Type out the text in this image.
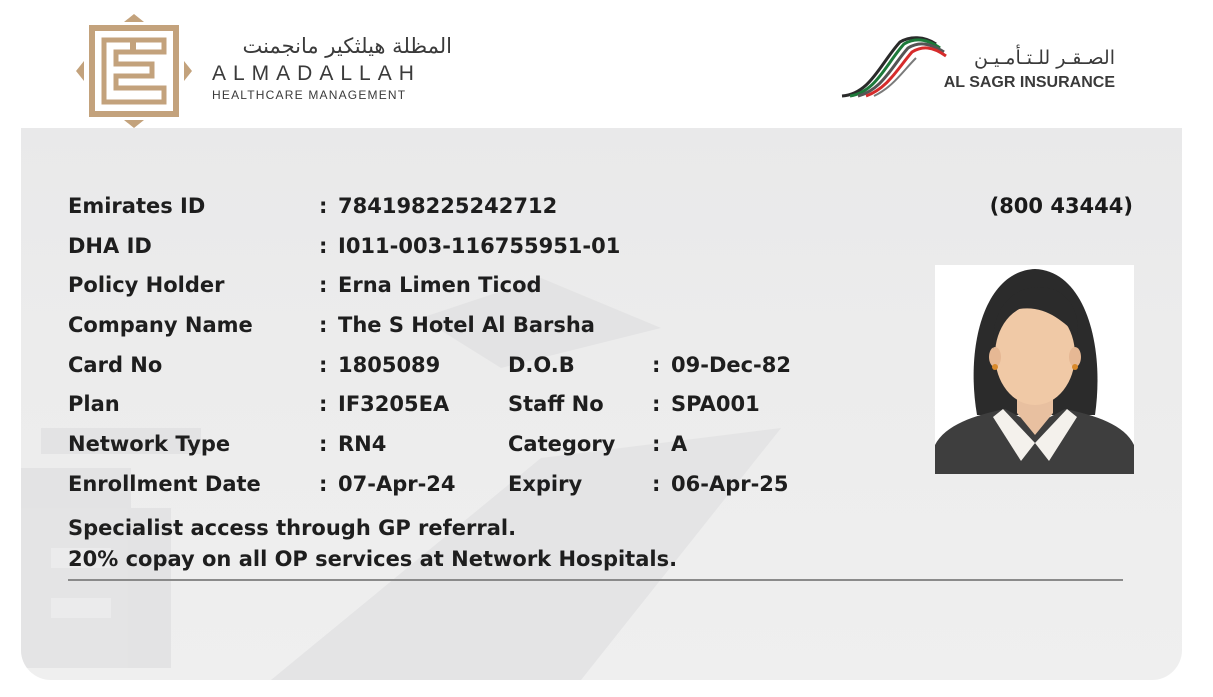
المظلة هيلثكير مانجمنت
ALMADALLAH
HEALTHCARE MANAGEMENT
الصـقـر للـتـأمـيـن
AL SAGR INSURANCE
(800 43444)
Emirates ID	: 784198225242712
DHA ID	: I011-003-116755951-01
Policy Holder	: Erna Limen Ticod
Company Name	: The S Hotel Al Barsha
Card No	: 1805089	D.O.B	: 09-Dec-82
Plan	: IF3205EA	Staff No : SPA001
Network Type	: RN4	Category : A
Enrollment Date	: 07-Apr-24 Expiry	: 06-Apr-25
Specialist access through GP referral.
20% copay on all OP services at Network Hospitals.
